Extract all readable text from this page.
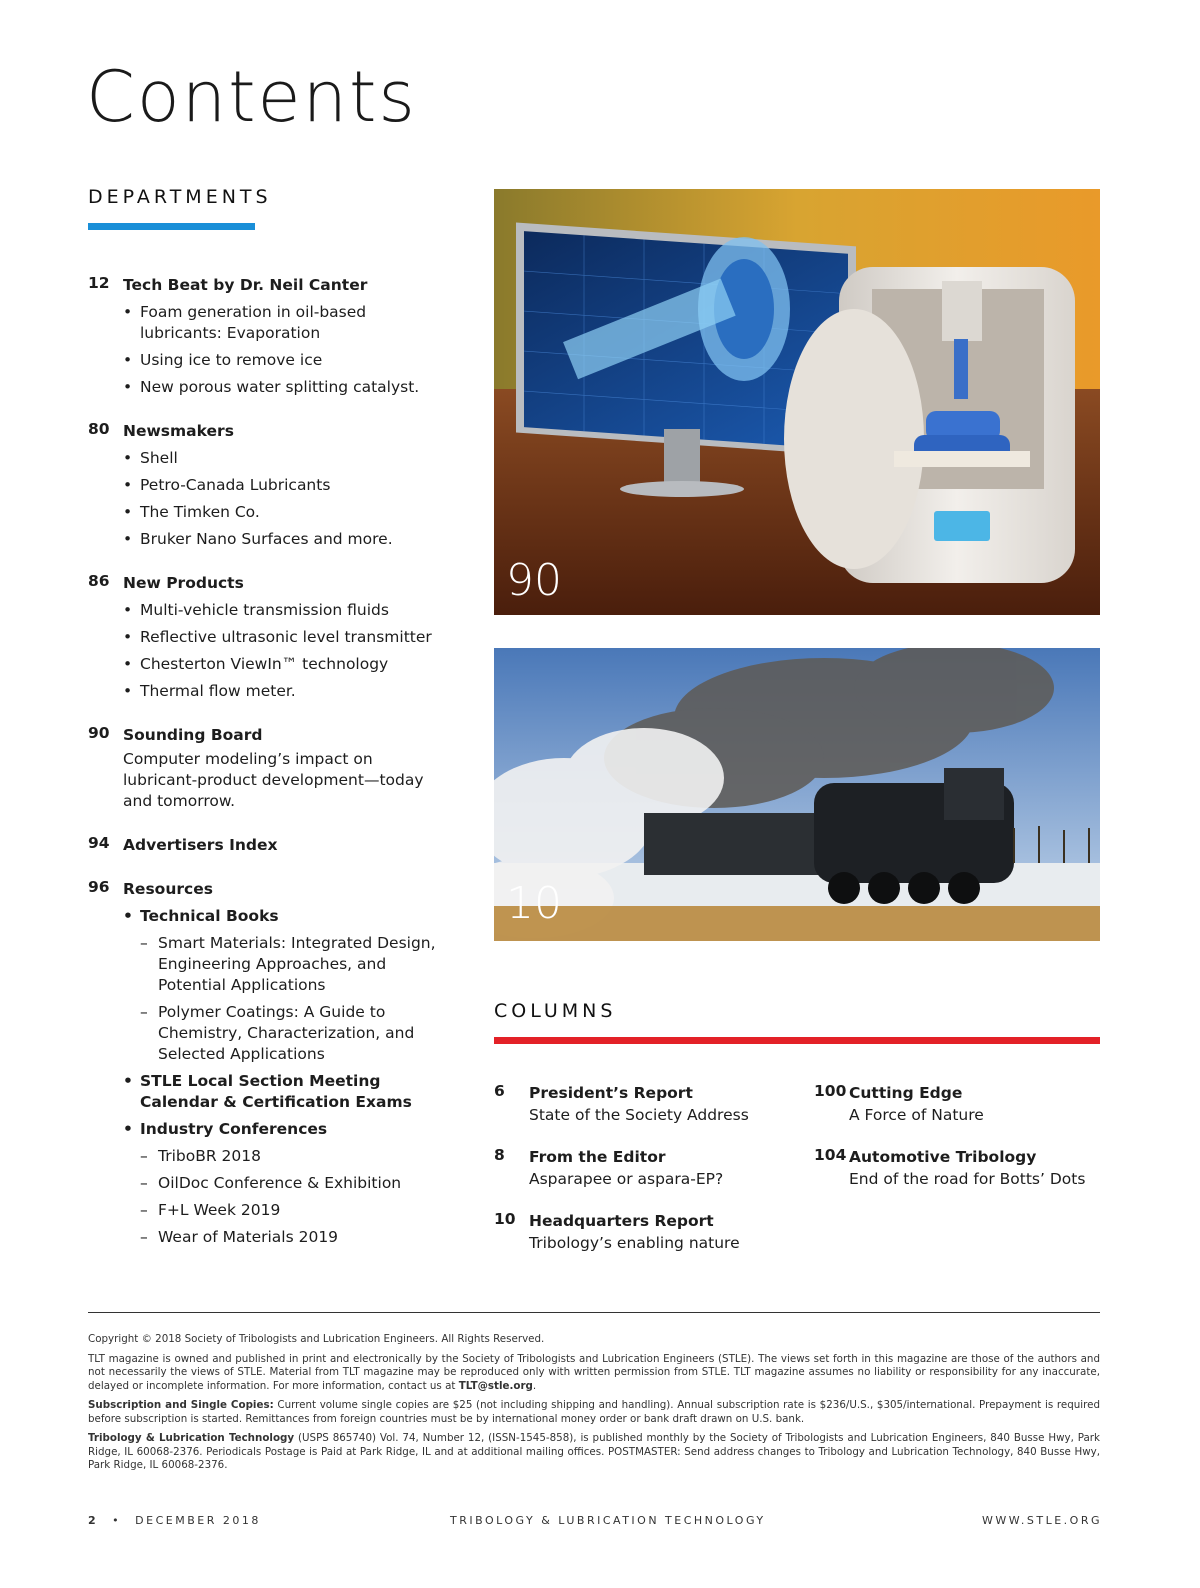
Contents
DEPARTMENTS
12 Tech Beat by Dr. Neil Canter
• Foam generation in oil-based lubricants: Evaporation
• Using ice to remove ice
• New porous water splitting catalyst.
80 Newsmakers
• Shell
• Petro-Canada Lubricants
• The Timken Co.
• Bruker Nano Surfaces and more.
86 New Products
• Multi-vehicle transmission fluids
• Reflective ultrasonic level transmitter
• Chesterton ViewIn™ technology
• Thermal flow meter.
90 Sounding Board
Computer modeling’s impact on lubricant-product development—today and tomorrow.
94 Advertisers Index
96 Resources
• Technical Books
– Smart Materials: Integrated Design, Engineering Approaches, and Potential Applications
– Polymer Coatings: A Guide to Chemistry, Characterization, and Selected Applications
• STLE Local Section Meeting Calendar & Certification Exams
• Industry Conferences
– TriboBR 2018
– OilDoc Conference & Exhibition
– F+L Week 2019
– Wear of Materials 2019
90
10
COLUMNS
6 President’s Report
State of the Society Address
8 From the Editor
Asparapee or aspara-EP?
10 Headquarters Report
Tribology’s enabling nature
100 Cutting Edge
A Force of Nature
104 Automotive Tribology
End of the road for Botts’ Dots

Copyright © 2018 Society of Tribologists and Lubrication Engineers. All Rights Reserved.

TLT magazine is owned and published in print and electronically by the Society of Tribologists and Lubrication Engineers (STLE). The views set forth in this magazine are those of the authors and not necessarily the views of STLE. Material from TLT magazine may be reproduced only with written permission from STLE. TLT magazine assumes no liability or responsibility for any inaccurate, delayed or incomplete information. For more information, contact us at TLT@stle.org.

Subscription and Single Copies: Current volume single copies are $25 (not including shipping and handling). Annual subscription rate is $236/U.S., $305/international. Prepayment is required before subscription is started. Remittances from foreign countries must be by international money order or bank draft drawn on U.S. bank.

Tribology & Lubrication Technology (USPS 865740) Vol. 74, Number 12, (ISSN-1545-858), is published monthly by the Society of Tribologists and Lubrication Engineers, 840 Busse Hwy, Park Ridge, IL 60068-2376. Periodicals Postage is Paid at Park Ridge, IL and at additional mailing offices. POSTMASTER: Send address changes to Tribology and Lubrication Technology, 840 Busse Hwy, Park Ridge, IL 60068-2376.

2 • DECEMBER 2018	TRIBOLOGY & LUBRICATION TECHNOLOGY	WWW.STLE.ORG
